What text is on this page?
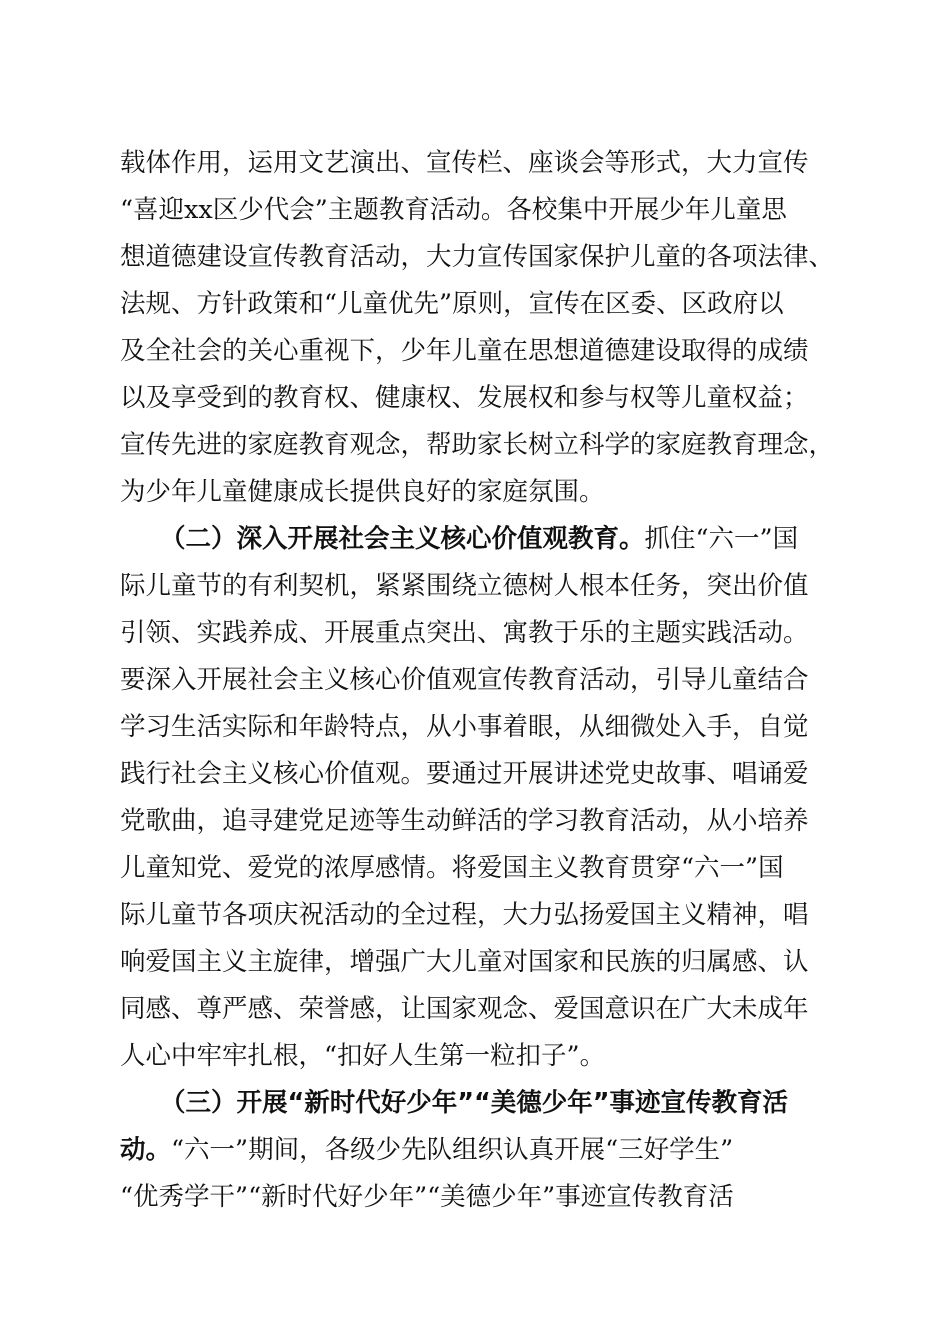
载体作用，运用文艺演出、宣传栏、座谈会等形式，大力宣传
“喜迎xx区少代会”主题教育活动。各校集中开展少年儿童思
想道德建设宣传教育活动，大力宣传国家保护儿童的各项法律、
法规、方针政策和“儿童优先”原则，宣传在区委、区政府以
及全社会的关心重视下，少年儿童在思想道德建设取得的成绩
以及享受到的教育权、健康权、发展权和参与权等儿童权益；
宣传先进的家庭教育观念，帮助家长树立科学的家庭教育理念，
为少年儿童健康成长提供良好的家庭氛围。
（二）深入开展社会主义核心价值观教育。抓住“六一”国
际儿童节的有利契机，紧紧围绕立德树人根本任务，突出价值
引领、实践养成、开展重点突出、寓教于乐的主题实践活动。
要深入开展社会主义核心价值观宣传教育活动，引导儿童结合
学习生活实际和年龄特点，从小事着眼，从细微处入手，自觉
践行社会主义核心价值观。要通过开展讲述党史故事、唱诵爱
党歌曲，追寻建党足迹等生动鲜活的学习教育活动，从小培养
儿童知党、爱党的浓厚感情。将爱国主义教育贯穿“六一”国
际儿童节各项庆祝活动的全过程，大力弘扬爱国主义精神，唱
响爱国主义主旋律，增强广大儿童对国家和民族的归属感、认
同感、尊严感、荣誉感，让国家观念、爱国意识在广大未成年
人心中牢牢扎根，“扣好人生第一粒扣子”。
（三）开展“新时代好少年”“美德少年”事迹宣传教育活
动。“六一”期间，各级少先队组织认真开展“三好学生”
“优秀学干”“新时代好少年”“美德少年”事迹宣传教育活
